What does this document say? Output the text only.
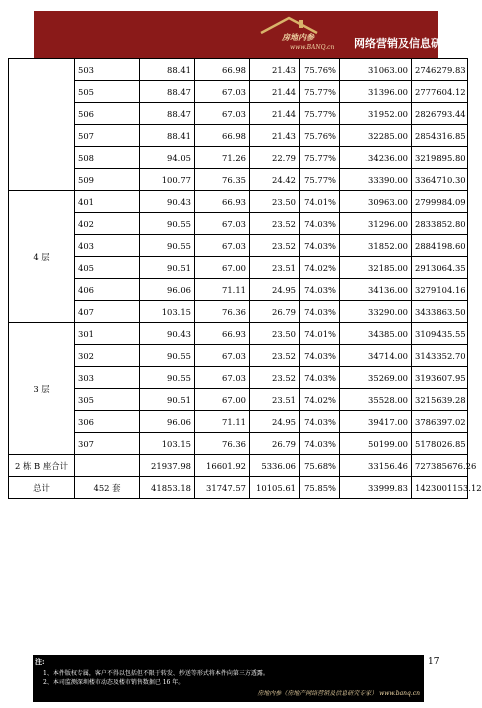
房地内参
www.BANQ.cn 网络营销及信息研究专家
	503	88.41	66.98	21.43	75.76%	31063.00	2746279.83
	505	88.47	67.03	21.44	75.77%	31396.00	2777604.12
	506	88.47	67.03	21.44	75.77%	31952.00	2826793.44
	507	88.41	66.98	21.43	75.76%	32285.00	2854316.85
	508	94.05	71.26	22.79	75.77%	34236.00	3219895.80
	509	100.77	76.35	24.42	75.77%	33390.00	3364710.30
4 层	401	90.43	66.93	23.50	74.01%	30963.00	2799984.09
	402	90.55	67.03	23.52	74.03%	31296.00	2833852.80
	403	90.55	67.03	23.52	74.03%	31852.00	2884198.60
	405	90.51	67.00	23.51	74.02%	32185.00	2913064.35
	406	96.06	71.11	24.95	74.03%	34136.00	3279104.16
	407	103.15	76.36	26.79	74.03%	33290.00	3433863.50
3 层	301	90.43	66.93	23.50	74.01%	34385.00	3109435.55
	302	90.55	67.03	23.52	74.03%	34714.00	3143352.70
	303	90.55	67.03	23.52	74.03%	35269.00	3193607.95
	305	90.51	67.00	23.51	74.02%	35528.00	3215639.28
	306	96.06	71.11	24.95	74.03%	39417.00	3786397.02
	307	103.15	76.36	26.79	74.03%	50199.00	5178026.85
2 栋 B 座合计		21937.98	16601.92	5336.06	75.68%	33156.46	727385676.26
总计	452 套	41853.18	31747.57	10105.61	75.85%	33999.83	1423001153.12
注:
1、本件版权专属，客户不得以包括但不限于转发、抄送等形式将本件向第三方透露。
2、本司监测深圳楼市动态及楼市销售数据已 16 年。
房地内参（房地产网络营销及信息研究专家） www.banq.cn
17
